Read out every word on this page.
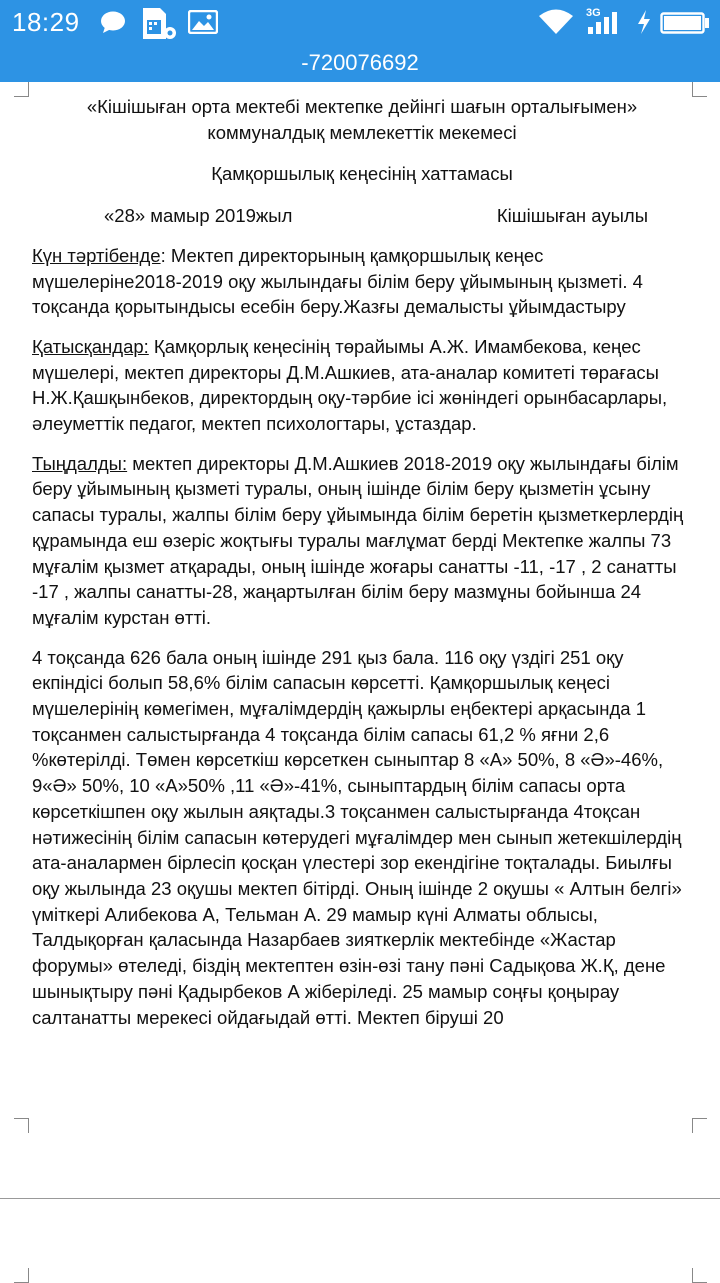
18:29	3G
-720076692

«Кішішыған орта мектебі мектепке дейінгі шағын орталығымен»

коммуналдық мемлекеттік мекемесі

Қамқоршылық кеңесінің хаттамасы

«28» мамыр 2019жыл	Кішішыған ауылы

Күн тәртібенде: Мектеп директорының қамқоршылық кеңес мүшелеріне2018-2019 оқу жылындағы білім беру ұйымының қызметі. 4 тоқсанда қорытындысы есебін беру.Жазғы демалысты ұйымдастыру

Қатысқандар: Қамқорлық кеңесінің төрайымы А.Ж. Имамбекова, кеңес мүшелері, мектеп директоры Д.М.Ашкиев, ата-аналар комитеті төрағасы Н.Ж.Қашқынбеков, директордың оқу-тәрбие ісі жөніндегі орынбасарлары, әлеуметтік педагог, мектеп психологтары, ұстаздар.

Тыңдалды: мектеп директоры Д.М.Ашкиев 2018-2019 оқу жылындағы білім беру ұйымының қызметі туралы, оның ішінде білім беру қызметін ұсыну сапасы туралы, жалпы білім беру ұйымында білім беретін қызметкерлердің құрамында еш өзеріс жоқтығы туралы мағлұмат берді Мектепке жалпы 73 мұғалім қызмет атқарады, оның ішінде жоғары санатты -11, -17 , 2 санатты -17 , жалпы санатты-28, жаңартылған білім беру мазмұны бойынша 24 мұғалім курстан өтті.

4 тоқсанда 626 бала оның ішінде 291 қыз бала. 116 оқу үздігі 251 оқу екпіндісі болып 58,6% білім сапасын көрсетті. Қамқоршылық кеңесі мүшелерінің көмегімен, мұғалімдердің қажырлы еңбектері арқасында 1 тоқсанмен салыстырғанда 4 тоқсанда білім сапасы 61,2 % яғни 2,6 %көтерілді. Төмен көрсеткіш көрсеткен сыныптар 8 «А» 50%, 8 «Ә»-46%, 9«Ә» 50%, 10 «А»50% ,11 «Ә»-41%, сыныптардың білім сапасы орта көрсеткішпен оқу жылын аяқтады.3 тоқсанмен салыстырғанда 4тоқсан нәтижесінің білім сапасын көтерудегі мұғалімдер мен сынып жетекшілердің ата-аналармен бірлесіп қосқан үлестері зор екендігіне тоқталады. Биылғы оқу жылында 23 оқушы мектеп бітірді. Оның ішінде 2 оқушы « Алтын белгі» үміткері Алибекова А, Тельман А. 29 мамыр күні Алматы облысы, Талдықорған қаласында Назарбаев зияткерлік мектебінде «Жастар форумы» өтеледі, біздің мектептен өзін-өзі тану пәні Садықова Ж.Қ, дене шынықтыру пәні Қадырбеков А жіберіледі. 25 мамыр соңғы қоңырау салтанатты мерекесі ойдағыдай өтті. Мектеп біруші 20
